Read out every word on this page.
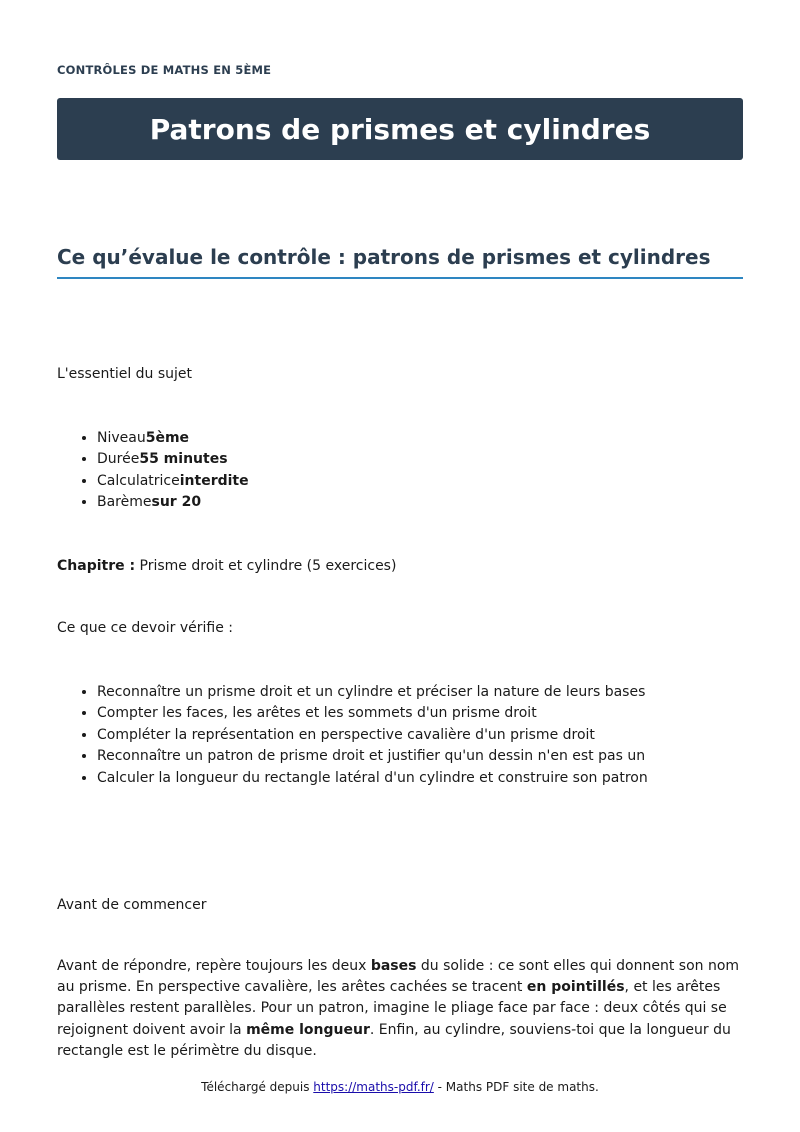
CONTRÔLES DE MATHS EN 5ÈME
Patrons de prismes et cylindres
Ce qu’évalue le contrôle : patrons de prismes et cylindres

L'essentiel du sujet

• Niveau5ème
• Durée55 minutes
• Calculatriceinterdite
• Barèmesur 20

Chapitre : Prisme droit et cylindre (5 exercices)

Ce que ce devoir vérifie :

• Reconnaître un prisme droit et un cylindre et préciser la nature de leurs bases
• Compter les faces, les arêtes et les sommets d'un prisme droit
• Compléter la représentation en perspective cavalière d'un prisme droit
• Reconnaître un patron de prisme droit et justifier qu'un dessin n'en est pas un
• Calculer la longueur du rectangle latéral d'un cylindre et construire son patron

Avant de commencer

Avant de répondre, repère toujours les deux bases du solide : ce sont elles qui donnent son nom au prisme. En perspective cavalière, les arêtes cachées se tracent en pointillés, et les arêtes parallèles restent parallèles. Pour un patron, imagine le pliage face par face : deux côtés qui se rejoignent doivent avoir la même longueur. Enfin, au cylindre, souviens-toi que la longueur du rectangle est le périmètre du disque.

Téléchargé depuis https://maths-pdf.fr/ - Maths PDF site de maths.
